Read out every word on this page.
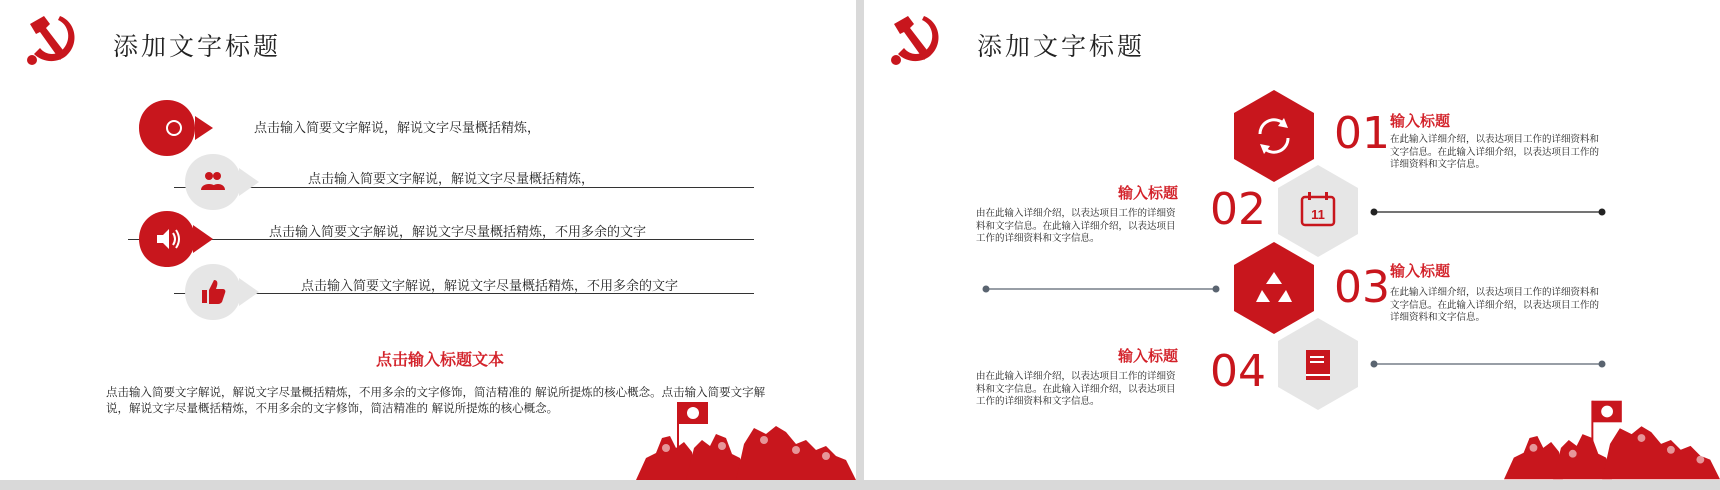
添加文字标题
点击输入简要文字解说，解说文字尽量概括精炼，
点击输入简要文字解说，解说文字尽量概括精炼，
点击输入简要文字解说，解说文字尽量概括精炼，不用多余的文字
点击输入简要文字解说，解说文字尽量概括精炼，不用多余的文字
点击输入标题文本
点击输入简要文字解说，解说文字尽量概括精炼，不用多余的文字修饰，简洁精准的 解说所提炼的核心概念。点击输入简要文字解说，解说文字尽量概括精炼，不用多余的文字修饰，简洁精准的 解说所提炼的核心概念。
添加文字标题
11
01
02
03
04
输入标题
在此输入详细介绍，以表达项目工作的详细资料和文字信息。在此输入详细介绍，以表达项目工作的详细资料和文字信息。
输入标题
由在此输入详细介绍，以表达项目工作的详细资料和文字信息。在此输入详细介绍，以表达项目工作的详细资料和文字信息。
输入标题
在此输入详细介绍，以表达项目工作的详细资料和文字信息。在此输入详细介绍，以表达项目工作的详细资料和文字信息。
输入标题
由在此输入详细介绍，以表达项目工作的详细资料和文字信息。在此输入详细介绍，以表达项目工作的详细资料和文字信息。
